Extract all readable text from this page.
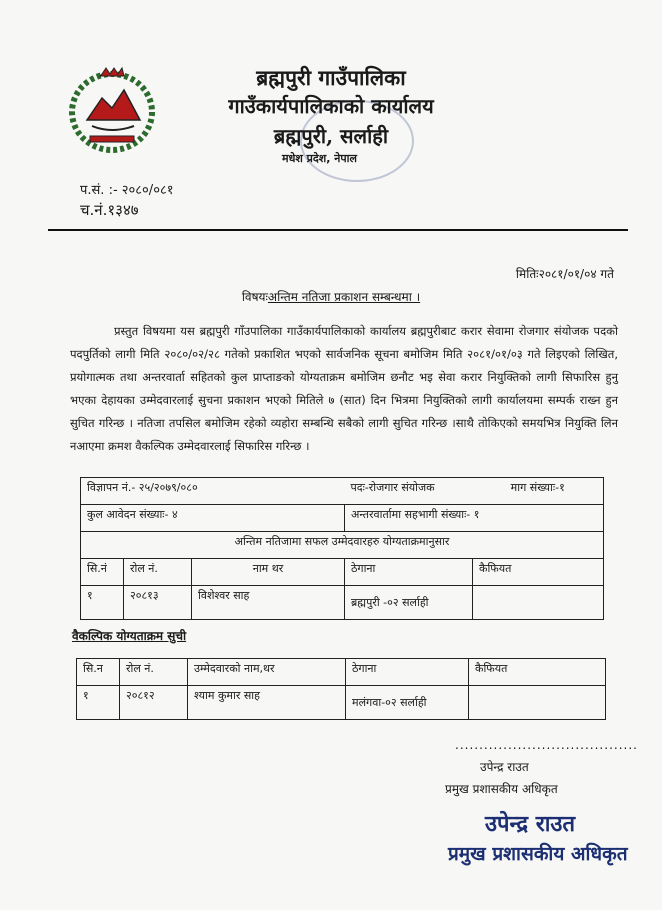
ब्रह्मपुरी गाउँपालिका
गाउँकार्यपालिकाको कार्यालय
ब्रह्मपुरी, सर्लाही
मधेश प्रदेश, नेपाल
प.सं. :- २०८०/०८१
च.नं.१३४७
मितिः२०८१/०१/०४ गते
विषयःअन्तिम नतिजा प्रकाशन सम्बन्धमा ।
प्रस्तुत विषयमा यस ब्रह्मपुरी गाँउपालिका गाउँकार्यपालिकाको कार्यालय ब्रह्मपुरीबाट करार सेवामा रोजगार संयोजक पदको पदपुर्तिको लागी मिति २०८०/०२/२८ गतेको प्रकाशित भएको सार्वजनिक सूचना बमोजिम मिति २०८१/०१/०३ गते लिइएको लिखित, प्रयोगात्मक तथा अन्तरवार्ता सहितको कुल प्राप्ताङको योग्यताक्रम बमोजिम छनौट भइ सेवा करार नियुक्तिको लागी सिफारिस हुनु भएका देहायका उम्मेदवारलाई सुचना प्रकाशन भएको मितिले ७ (सात) दिन भित्रमा नियुक्तिको लागी कार्यालयमा सम्पर्क राख्न हुन सुचित गरिन्छ । नतिजा तपसिल बमोजिम रहेको व्यहोरा सम्बन्धि सबैको लागी सुचित गरिन्छ ।साथै तोकिएको समयभित्र नियुक्ति लिन नआएमा क्रमश वैकल्पिक उम्मेदवारलाई सिफारिस गरिन्छ ।
विज्ञापन नं.- २५/२०७९/०८०			पदः-रोजगार संयोजक	माग संख्याः-१
कुल आवेदन संख्याः- ४			अन्तरवार्तामा सहभागी संख्याः- १	
अन्तिम नतिजामा सफल उम्मेदवारहरु योग्यताक्रमानुसार				
सि.नं	रोल नं.	नाम थर	ठेगाना	कैफियत
१	२०८१३	विशेश्वर साह	ब्रह्मपुरी -०२ सर्लाही	
वैकल्पिक योग्यताक्रम सुची
सि.न	रोल नं.	उम्मेदवारको नाम,थर	ठेगाना	कैफियत
१	२०८१२	श्याम कुमार साह	मलंगवा-०२ सर्लाही	
......................................
उपेन्द्र राउत
प्रमुख प्रशासकीय अधिकृत
उपेन्द्र राउत
प्रमुख प्रशासकीय अधिकृत
